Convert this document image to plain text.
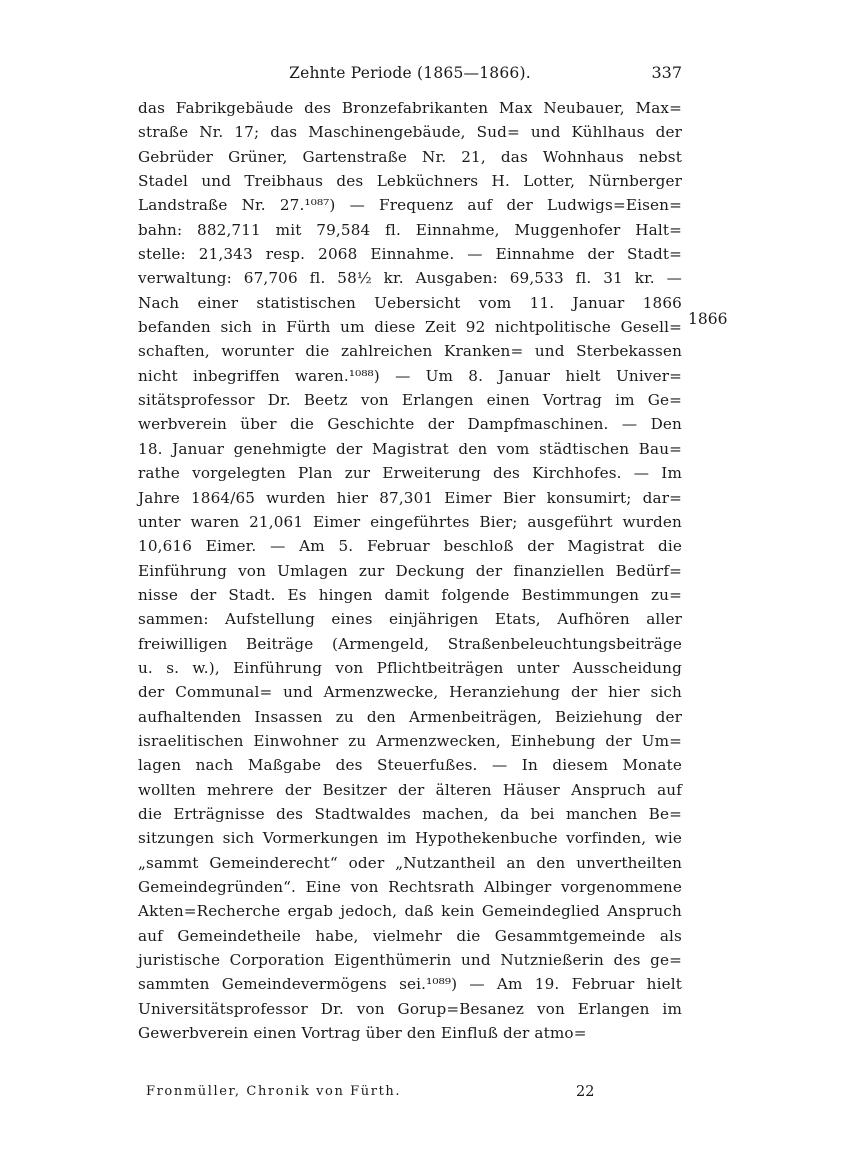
Zehnte Periode (1865—1866).	337
das Fabrikgebäude des Bronzefabrikanten Max Neubauer, Max=
straße Nr. 17; das Maschinengebäude, Sud= und Kühlhaus der
Gebrüder Grüner, Gartenstraße Nr. 21, das Wohnhaus nebst
Stadel und Treibhaus des Lebküchners H. Lotter, Nürnberger
Landstraße Nr. 27.¹⁰⁸⁷) — Frequenz auf der Ludwigs=Eisen=
bahn: 882,711 mit 79,584 fl. Einnahme, Muggenhofer Halt=
stelle: 21,343 resp. 2068 Einnahme. — Einnahme der Stadt=
verwaltung: 67,706 fl. 58½ kr. Ausgaben: 69,533 fl. 31 kr. —
Nach einer statistischen Uebersicht vom 11. Januar 1866
befanden sich in Fürth um diese Zeit 92 nichtpolitische Gesell=
schaften, worunter die zahlreichen Kranken= und Sterbekassen
nicht inbegriffen waren.¹⁰⁸⁸) — Um 8. Januar hielt Univer=
sitätsprofessor Dr. Beetz von Erlangen einen Vortrag im Ge=
werbverein über die Geschichte der Dampfmaschinen. — Den
18. Januar genehmigte der Magistrat den vom städtischen Bau=
rathe vorgelegten Plan zur Erweiterung des Kirchhofes. — Im
Jahre 1864/65 wurden hier 87,301 Eimer Bier konsumirt; dar=
unter waren 21,061 Eimer eingeführtes Bier; ausgeführt wurden
10,616 Eimer. — Am 5. Februar beschloß der Magistrat die
Einführung von Umlagen zur Deckung der finanziellen Bedürf=
nisse der Stadt. Es hingen damit folgende Bestimmungen zu=
sammen: Aufstellung eines einjährigen Etats, Aufhören aller
freiwilligen Beiträge (Armengeld, Straßenbeleuchtungsbeiträge
u. s. w.), Einführung von Pflichtbeiträgen unter Ausscheidung
der Communal= und Armenzwecke, Heranziehung der hier sich
aufhaltenden Insassen zu den Armenbeiträgen, Beiziehung der
israelitischen Einwohner zu Armenzwecken, Einhebung der Um=
lagen nach Maßgabe des Steuerfußes. — In diesem Monate
wollten mehrere der Besitzer der älteren Häuser Anspruch auf
die Erträgnisse des Stadtwaldes machen, da bei manchen Be=
sitzungen sich Vormerkungen im Hypothekenbuche vorfinden, wie
„sammt Gemeinderecht“ oder „Nutzantheil an den unvertheilten
Gemeindegründen“. Eine von Rechtsrath Albinger vorgenommene
Akten=Recherche ergab jedoch, daß kein Gemeindeglied Anspruch
auf Gemeindetheile habe, vielmehr die Gesammtgemeinde als
juristische Corporation Eigenthümerin und Nutznießerin des ge=
sammten Gemeindevermögens sei.¹⁰⁸⁹) — Am 19. Februar hielt
Universitätsprofessor Dr. von Gorup=Besanez von Erlangen im
Gewerbverein einen Vortrag über den Einfluß der atmo=
1866
Fronmüller, Chronik von Fürth.	22
